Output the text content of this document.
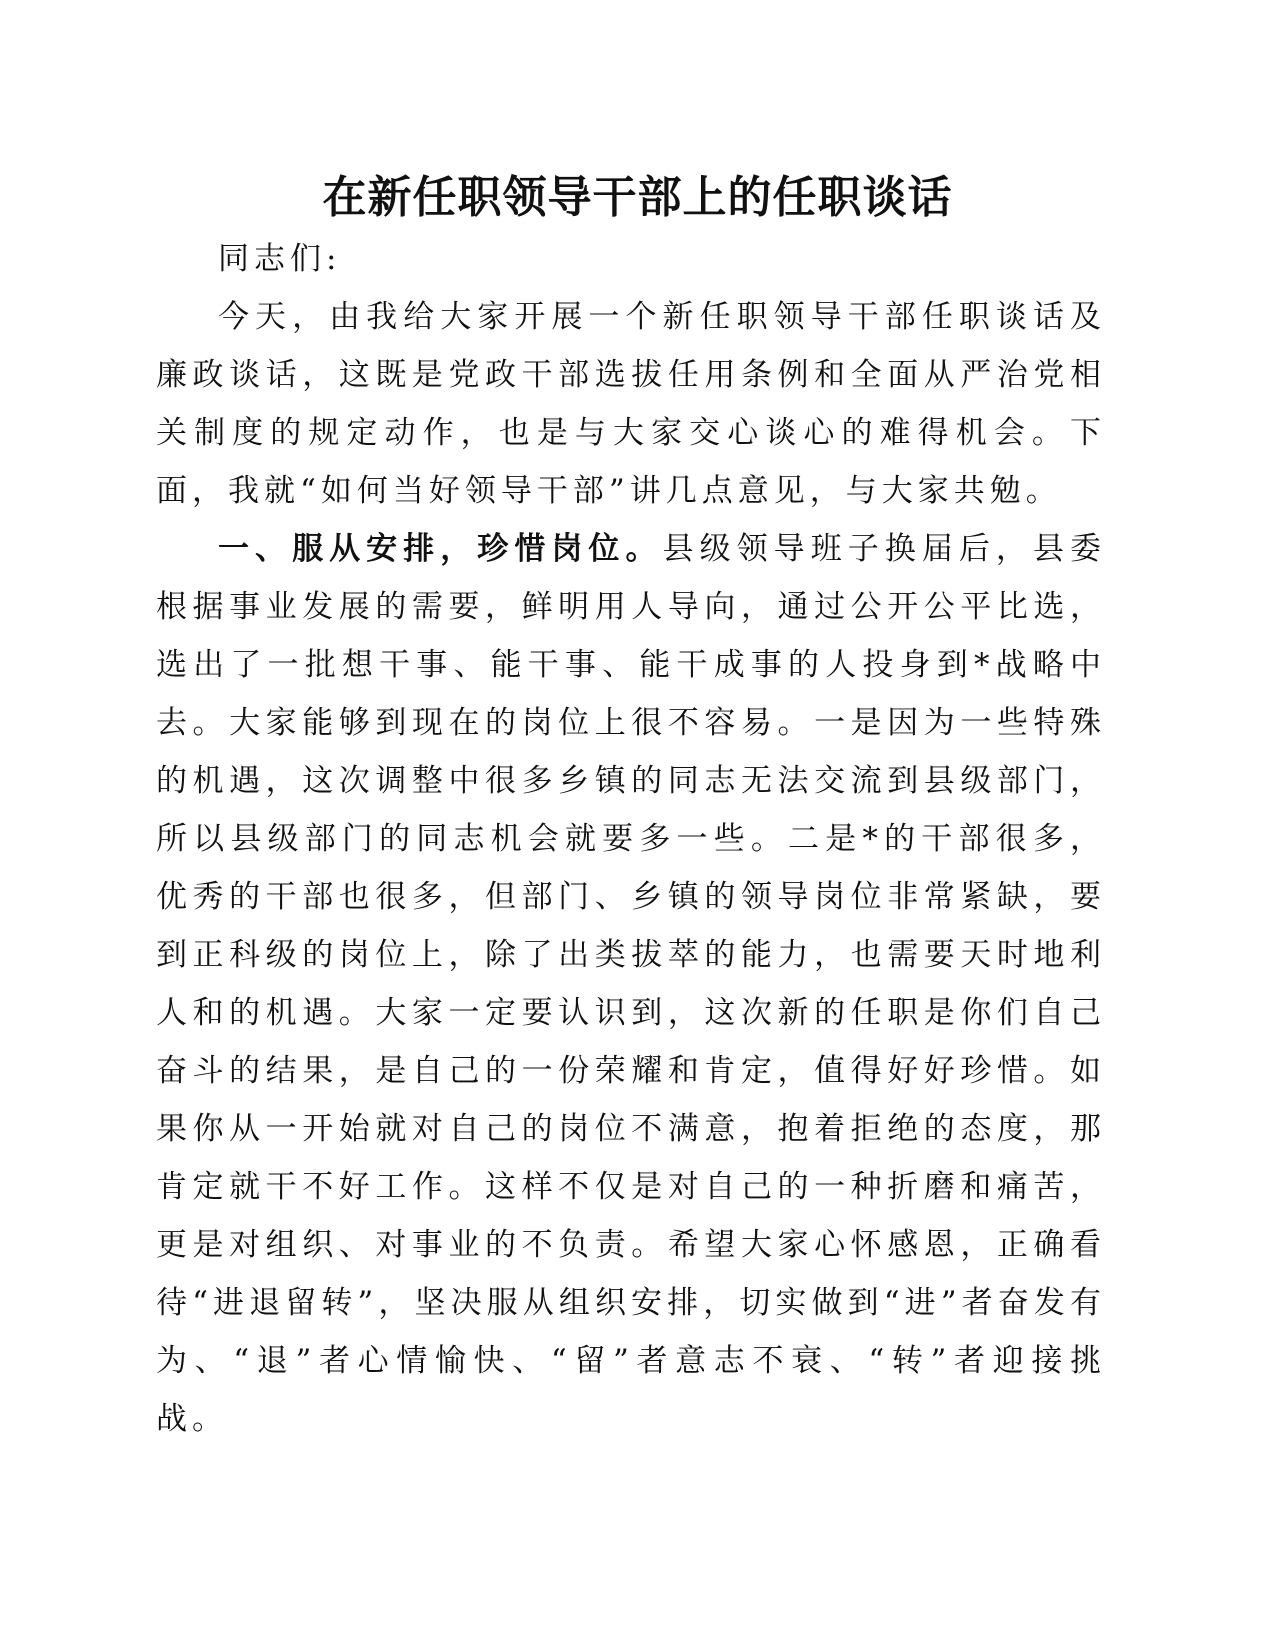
在新任职领导干部上的任职谈话

同志们:

今天，由我给大家开展一个新任职领导干部任职谈话及廉政谈话，这既是党政干部选拔任用条例和全面从严治党相关制度的规定动作，也是与大家交心谈心的难得机会。下面，我就“如何当好领导干部”讲几点意见，与大家共勉。

一、服从安排，珍惜岗位。县级领导班子换届后，县委根据事业发展的需要，鲜明用人导向，通过公开公平比选，选出了一批想干事、能干事、能干成事的人投身到*战略中去。大家能够到现在的岗位上很不容易。一是因为一些特殊的机遇，这次调整中很多乡镇的同志无法交流到县级部门，所以县级部门的同志机会就要多一些。二是*的干部很多，优秀的干部也很多，但部门、乡镇的领导岗位非常紧缺，要到正科级的岗位上，除了出类拔萃的能力，也需要天时地利人和的机遇。大家一定要认识到，这次新的任职是你们自己奋斗的结果，是自己的一份荣耀和肯定，值得好好珍惜。如果你从一开始就对自己的岗位不满意，抱着拒绝的态度，那肯定就干不好工作。这样不仅是对自己的一种折磨和痛苦，更是对组织、对事业的不负责。希望大家心怀感恩，正确看待“进退留转”，坚决服从组织安排，切实做到“进”者奋发有为、“退”者心情愉快、“留”者意志不衰、“转”者迎接挑战。
